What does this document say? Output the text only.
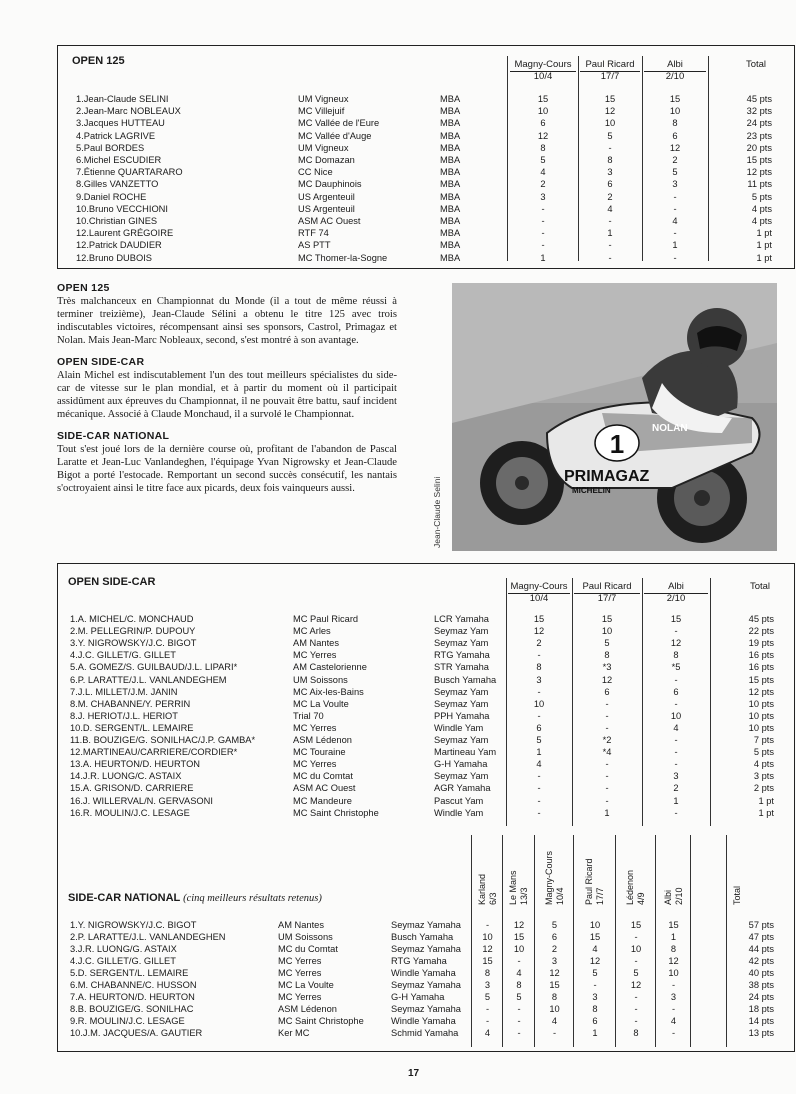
OPEN 125	Magny-Cours
10/4
Paul Ricard
17/7
Albi
2/10
Total
1.Jean-Claude SELINI	UM Vigneux	MBA	15	15	15	45 pts
2.Jean-Marc NOBLEAUX	MC Villejuif	MBA	10	12	10	32 pts
3.Jacques HUTTEAU	MC Vallée de l'Eure	MBA	6	10	8	24 pts
4.Patrick LAGRIVE	MC Vallée d'Auge	MBA	12	5	6	23 pts
5.Paul BORDES	UM Vigneux	MBA	8	-	12	20 pts
6.Michel ESCUDIER	MC Domazan	MBA	5	8	2	15 pts
7.Étienne QUARTARARO	CC Nice	MBA	4	3	5	12 pts
8.Gilles VANZETTO	MC Dauphinois	MBA	2	6	3	11 pts
9.Daniel ROCHE	US Argenteuil	MBA	3	2	-	5 pts
10.Bruno VECCHIONI	US Argenteuil	MBA	-	4	-	4 pts
10.Christian GINES	ASM AC Ouest	MBA	-	-	4	4 pts
12.Laurent GRÉGOIRE	RTF 74	MBA	-	1	-	1 pt
12.Patrick DAUDIER	AS PTT	MBA	-	-	1	1 pt
12.Bruno DUBOIS	MC Thomer-la-Sogne	MBA	1	-	-	1 pt
OPEN 125
Très malchanceux en Championnat du Monde (il a tout de même réussi à terminer treizième), Jean-Claude Sélini a obtenu le titre 125 avec trois indiscutables victoires, récompensant ainsi ses sponsors, Castrol, Primagaz et Nolan. Mais Jean-Marc Nobleaux, second, s'est montré à son avantage.
OPEN SIDE-CAR
Alain Michel est indiscutablement l'un des tout meilleurs spécialistes du side-car de vitesse sur le plan mondial, et à partir du moment où il participait assidûment aux épreuves du Championnat, il ne pouvait être battu, sauf incident mécanique. Associé à Claude Monchaud, il a survolé le Championnat.
SIDE-CAR NATIONAL
Tout s'est joué lors de la dernière course où, profitant de l'abandon de Pascal Laratte et Jean-Luc Vanlandeghen, l'équipage Yvan Nigrowsky et Jean-Claude Bigot a porté l'estocade. Remportant un second succès consécutif, les nantais s'octroyaient ainsi le titre face aux picards, deux fois vainqueurs aussi.
1
PRIMAGAZ
MICHELIN
NOLAN
Jean-Claude Selini
OPEN SIDE-CAR	Magny-Cours
10/4
Paul Ricard
17/7
Albi
2/10
Total
1.A. MICHEL/C. MONCHAUD	MC Paul Ricard	LCR Yamaha	15	15	15	45 pts
2.M. PELLEGRIN/P. DUPOUY	MC Arles	Seymaz Yam	12	10	-	22 pts
3.Y. NIGROWSKY/J.C. BIGOT	AM Nantes	Seymaz Yam	2	5	12	19 pts
4.J.C. GILLET/G. GILLET	MC Yerres	RTG Yamaha	-	8	8	16 pts
5.A. GOMEZ/S. GUILBAUD/J.L. LIPARI*	AM Castelorienne	STR Yamaha	8	*3	*5	16 pts
6.P. LARATTE/J.L. VANLANDEGHEM	UM Soissons	Busch Yamaha	3	12	-	15 pts
7.J.L. MILLET/J.M. JANIN	MC Aix-les-Bains	Seymaz Yam	-	6	6	12 pts
8.M. CHABANNE/Y. PERRIN	MC La Voulte	Seymaz Yam	10	-	-	10 pts
8.J. HERIOT/J.L. HERIOT	Trial 70	PPH Yamaha	-	-	10	10 pts
10.D. SERGENT/L. LEMAIRE	MC Yerres	Windle Yam	6	-	4	10 pts
11.B. BOUZIGE/G. SONILHAC/J.P. GAMBA*	ASM Lédenon	Seymaz Yam	5	*2	-	7 pts
12.MARTINEAU/CARRIERE/CORDIER*	MC Touraine	Martineau Yam	1	*4	-	5 pts
13.A. HEURTON/D. HEURTON	MC Yerres	G-H Yamaha	4	-	-	4 pts
14.J.R. LUONG/C. ASTAIX	MC du Comtat	Seymaz Yam	-	-	3	3 pts
15.A. GRISON/D. CARRIERE	ASM AC Ouest	AGR Yamaha	-	-	2	2 pts
16.J. WILLERVAL/N. GERVASONI	MC Mandeure	Pascut Yam	-	-	1	1 pt
16.R. MOULIN/J.C. LESAGE	MC Saint Christophe	Windle Yam	-	1	-	1 pt
SIDE-CAR NATIONAL (cinq meilleurs résultats retenus)	Karland 6/3 Le Mans 13/3 Magny-Cours 10/4 Paul Ricard 17/7 Lédenon 4/9 Albi 2/10	Total
1.Y. NIGROWSKY/J.C. BIGOT	AM Nantes	Seymaz Yamaha	-	12	5	10	15	15	57 pts
2.P. LARATTE/J.L. VANLANDEGHEN	UM Soissons	Busch Yamaha	10	15	6	15	-	1	47 pts
3.J.R. LUONG/G. ASTAIX	MC du Comtat	Seymaz Yamaha	12	10	2	4	10	8	44 pts
4.J.C. GILLET/G. GILLET	MC Yerres	RTG Yamaha	15	-	3	12	-	12	42 pts
5.D. SERGENT/L. LEMAIRE	MC Yerres	Windle Yamaha	8	4	12	5	5	10	40 pts
6.M. CHABANNE/C. HUSSON	MC La Voulte	Seymaz Yamaha	3	8	15	-	12	-	38 pts
7.A. HEURTON/D. HEURTON	MC Yerres	G-H Yamaha	5	5	8	3	-	3	24 pts
8.B. BOUZIGE/G. SONILHAC	ASM Lédenon	Seymaz Yamaha	-	-	10	8	-	-	18 pts
9.R. MOULIN/J.C. LESAGE	MC Saint Christophe	Windle Yamaha	-	-	4	6	-	4	14 pts
10.J.M. JACQUES/A. GAUTIER	Ker MC	Schmid Yamaha	4	-	-	1	8	-	13 pts
17
